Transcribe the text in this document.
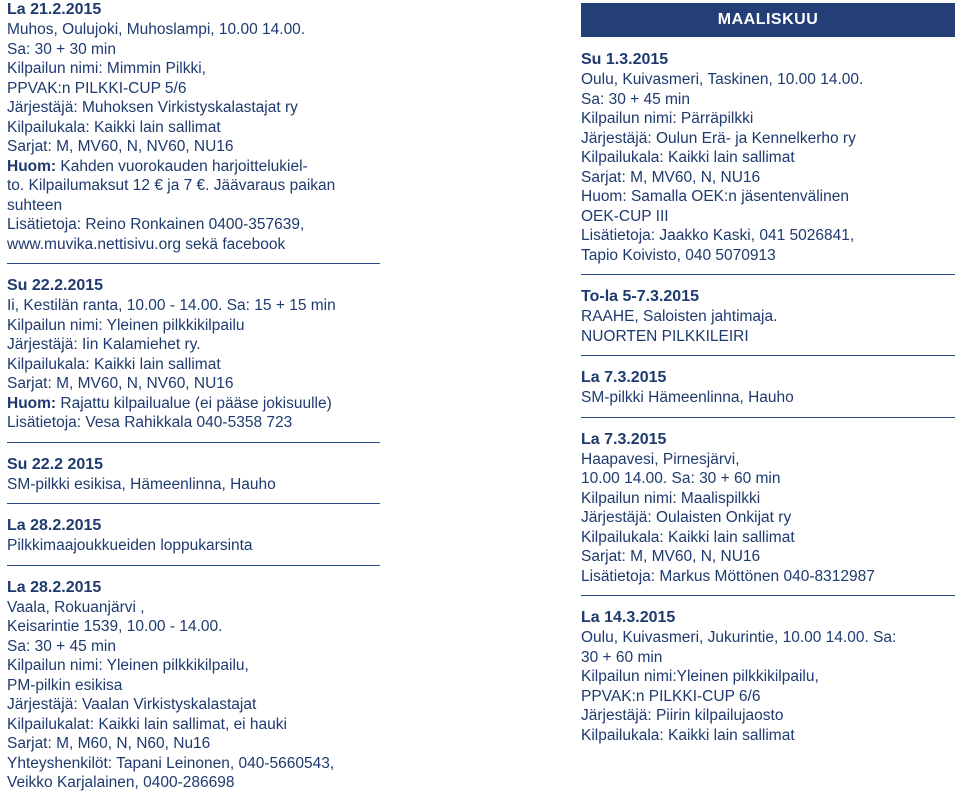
La 21.2.2015
Muhos, Oulujoki, Muhoslampi, 10.00 14.00.
Sa: 30 + 30 min
Kilpailun nimi: Mimmin Pilkki,
PPVAK:n PILKKI-CUP 5/6
Järjestäjä: Muhoksen Virkistyskalastajat ry
Kilpailukala: Kaikki lain sallimat
Sarjat: M, MV60, N, NV60, NU16
Huom: Kahden vuorokauden harjoittelukiel-
to. Kilpailumaksut 12 € ja 7 €. Jäävaraus paikan
suhteen
Lisätietoja: Reino Ronkainen 0400-357639,
www.muvika.nettisivu.org sekä facebook
Su 22.2.2015
Ii, Kestilän ranta, 10.00 - 14.00. Sa: 15 + 15 min
Kilpailun nimi: Yleinen pilkkikilpailu
Järjestäjä: Iin Kalamiehet ry.
Kilpailukala: Kaikki lain sallimat
Sarjat: M, MV60, N, NV60, NU16
Huom: Rajattu kilpailualue (ei pääse jokisuulle)
Lisätietoja: Vesa Rahikkala 040-5358 723
Su 22.2 2015
SM-pilkki esikisa, Hämeenlinna, Hauho
La 28.2.2015
Pilkkimaajoukkueiden loppukarsinta
La 28.2.2015
Vaala, Rokuanjärvi ,
Keisarintie 1539, 10.00 - 14.00.
Sa: 30 + 45 min
Kilpailun nimi: Yleinen pilkkikilpailu,
PM-pilkin esikisa
Järjestäjä: Vaalan Virkistyskalastajat
Kilpailukalat: Kaikki lain sallimat, ei hauki
Sarjat: M, M60, N, N60, Nu16
Yhteyshenkilöt: Tapani Leinonen, 040-5660543,
Veikko Karjalainen, 0400-286698
MAALISKUU
Su 1.3.2015
Oulu, Kuivasmeri, Taskinen, 10.00 14.00.
Sa: 30 + 45 min
Kilpailun nimi: Pärräpilkki
Järjestäjä: Oulun Erä- ja Kennelkerho ry
Kilpailukala: Kaikki lain sallimat
Sarjat: M, MV60, N, NU16
Huom: Samalla OEK:n jäsentenvälinen
OEK-CUP III
Lisätietoja: Jaakko Kaski, 041 5026841,
Tapio Koivisto, 040 5070913
To-la 5-7.3.2015
RAAHE, Saloisten jahtimaja.
NUORTEN PILKKILEIRI
La 7.3.2015
SM-pilkki Hämeenlinna, Hauho
La 7.3.2015
Haapavesi, Pirnesjärvi,
10.00 14.00. Sa: 30 + 60 min
Kilpailun nimi: Maalispilkki
Järjestäjä: Oulaisten Onkijat ry
Kilpailukala: Kaikki lain sallimat
Sarjat: M, MV60, N, NU16
Lisätietoja: Markus Möttönen 040-8312987
La 14.3.2015
Oulu, Kuivasmeri, Jukurintie, 10.00 14.00. Sa:
30 + 60 min
Kilpailun nimi:Yleinen pilkkikilpailu,
PPVAK:n PILKKI-CUP 6/6
Järjestäjä: Piirin kilpailujaosto
Kilpailukala: Kaikki lain sallimat
